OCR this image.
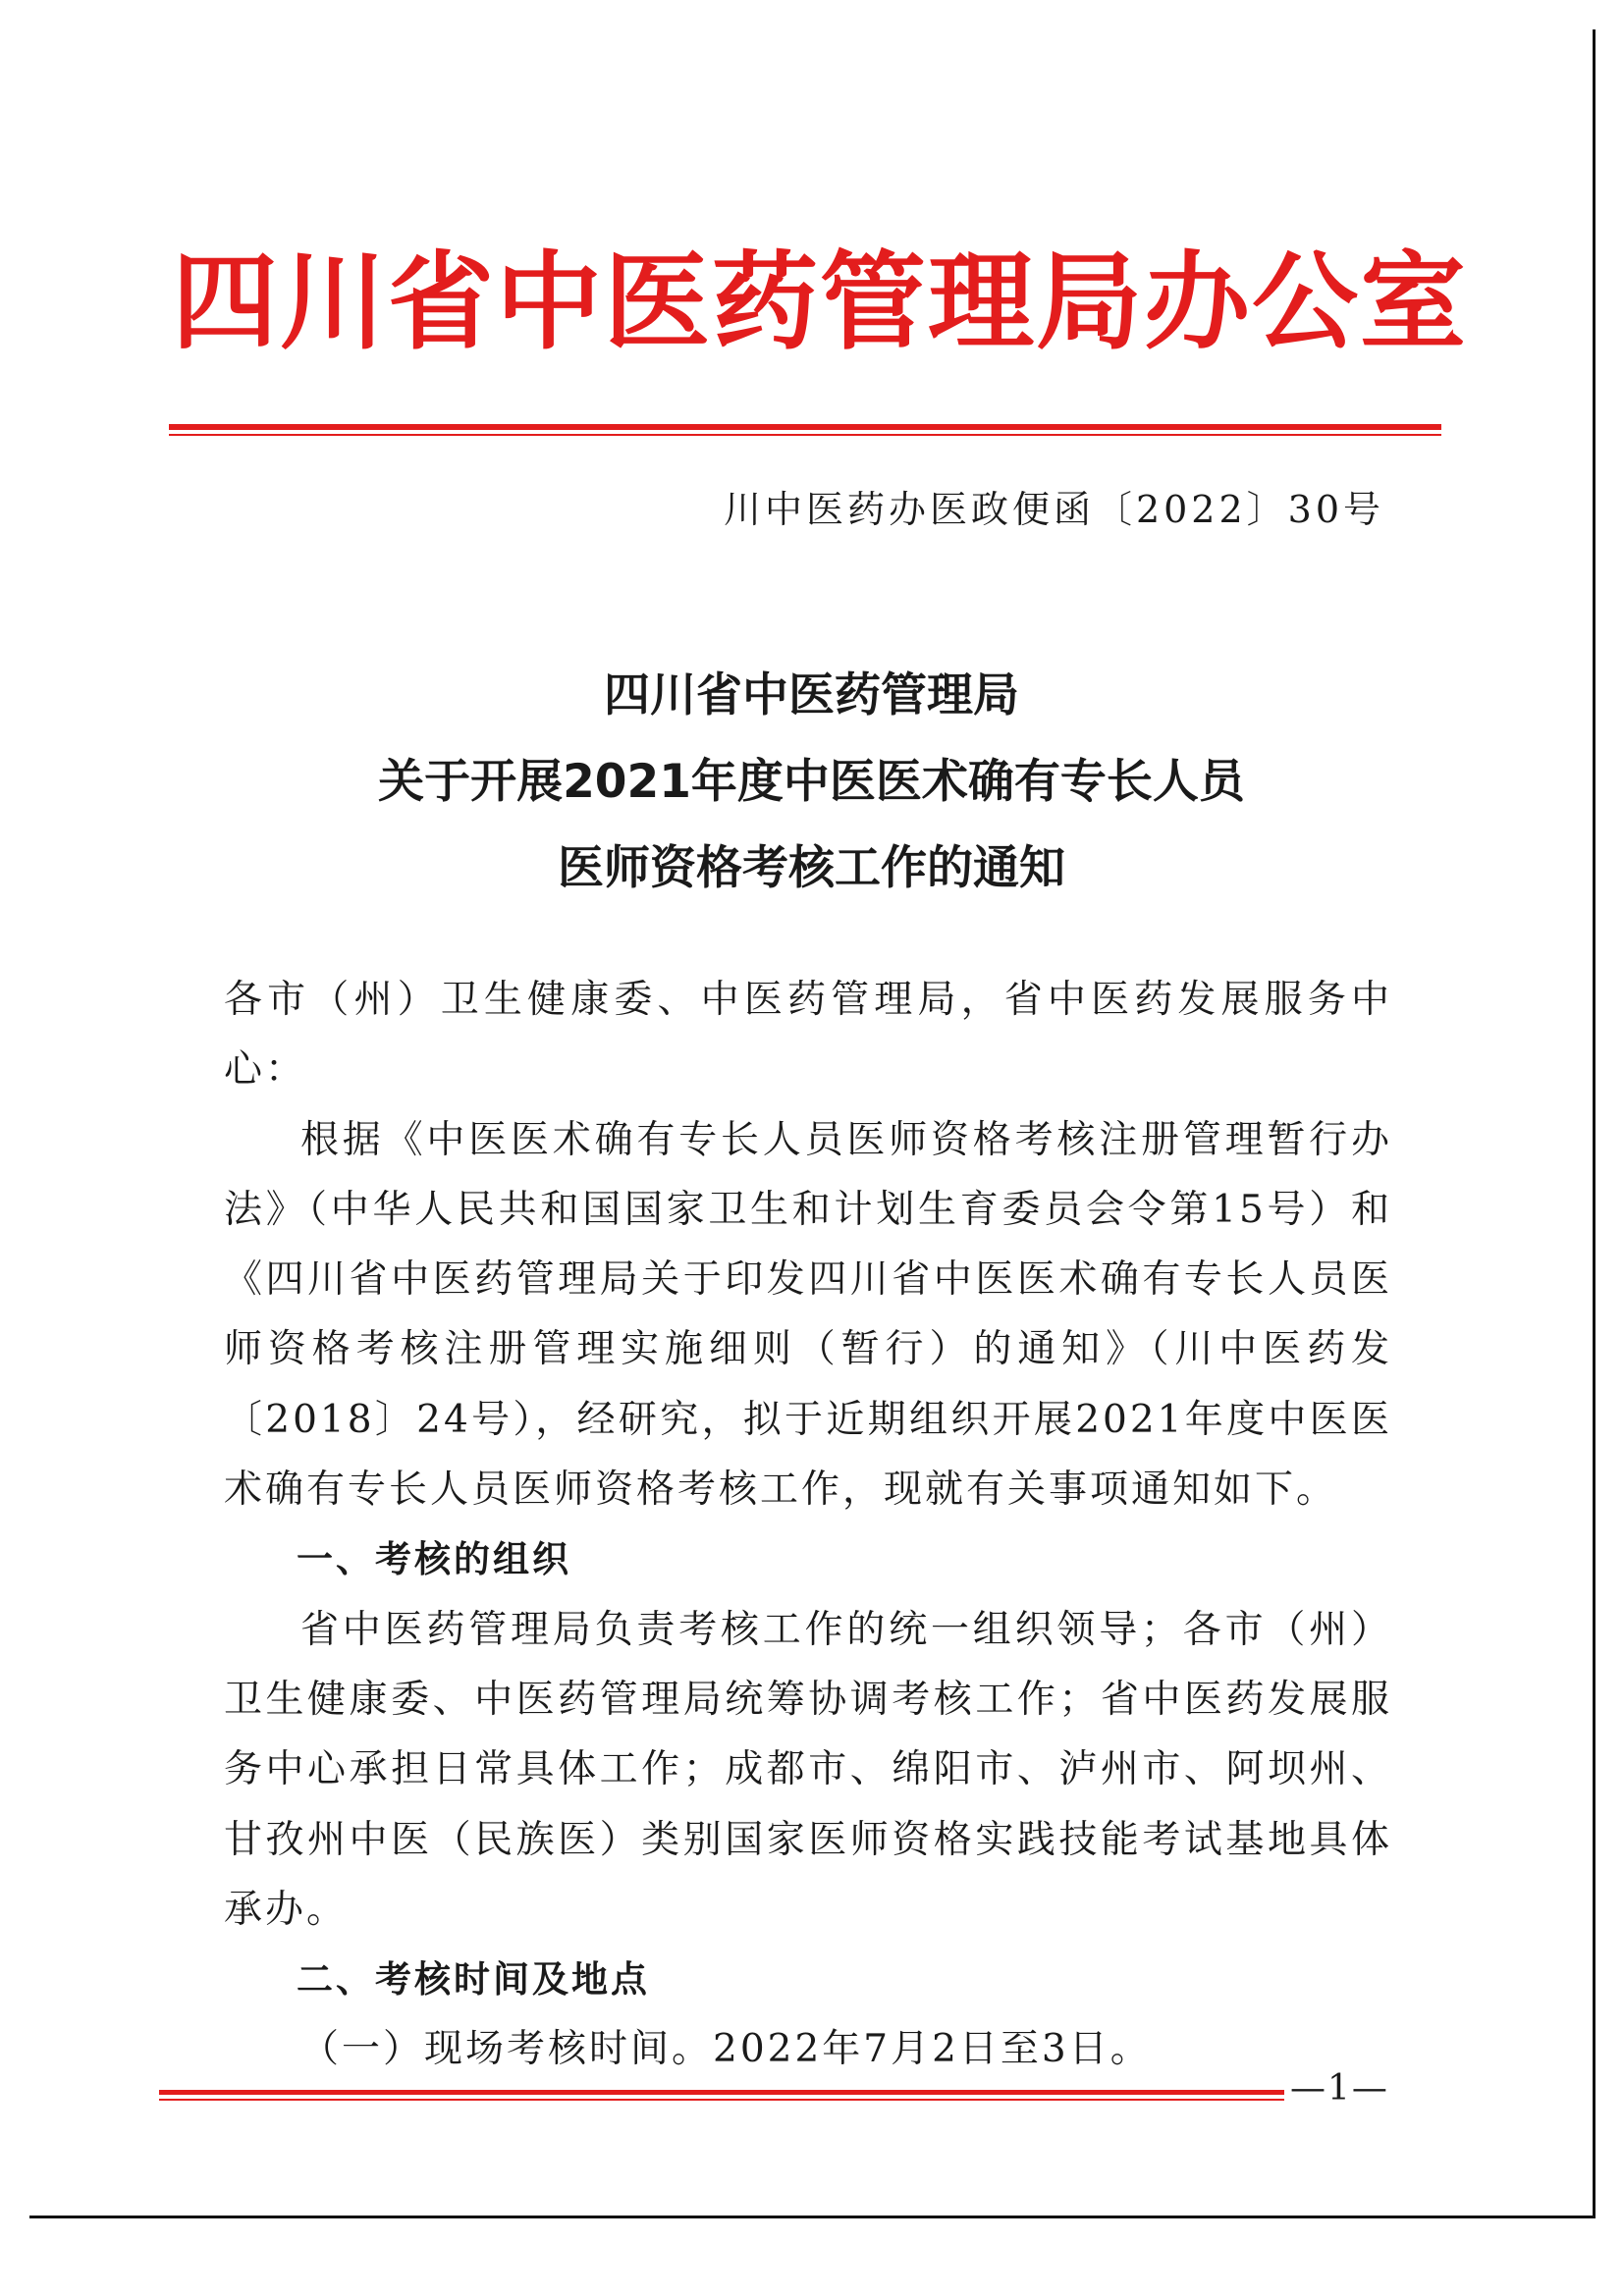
四川省中医药管理局办公室
川中医药办医政便函〔2022〕30号
四川省中医药管理局
关于开展2021年度中医医术确有专长人员
医师资格考核工作的通知

各市（州）卫生健康委、中医药管理局，省中医药发展服务中心：

根据《中医医术确有专长人员医师资格考核注册管理暂行办法》（中华人民共和国国家卫生和计划生育委员会令第15号）和《四川省中医药管理局关于印发四川省中医医术确有专长人员医师资格考核注册管理实施细则（暂行）的通知》（川中医药发〔2018〕24号），经研究，拟于近期组织开展2021年度中医医术确有专长人员医师资格考核工作，现就有关事项通知如下。

一、考核的组织

省中医药管理局负责考核工作的统一组织领导；各市（州）卫生健康委、中医药管理局统筹协调考核工作；省中医药发展服务中心承担日常具体工作；成都市、绵阳市、泸州市、阿坝州、甘孜州中医（民族医）类别国家医师资格实践技能考试基地具体承办。

二、考核时间及地点

（一）现场考核时间。2022年7月2日至3日。

—1—
